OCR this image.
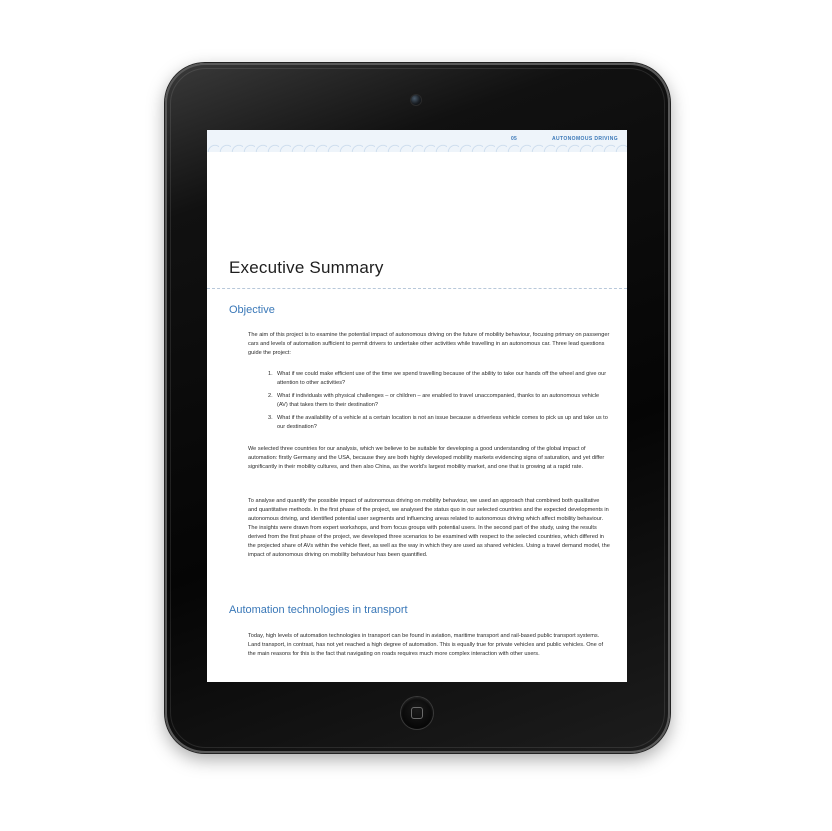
05	AUTONOMOUS DRIVING
Executive Summary
Objective

The aim of this project is to examine the potential impact of autonomous driving on the future of mobility behaviour, focusing primary on passenger cars and levels of automation sufficient to permit drivers to undertake other activities while travelling in an autonomous car. Three lead questions guide the project:

1. What if we could make efficient use of the time we spend travelling because of the ability to take our hands off the wheel and give our attention to other activities?
2. What if individuals with physical challenges – or children – are enabled to travel unaccompanied, thanks to an autonomous vehicle (AV) that takes them to their destination?
3. What if the availability of a vehicle at a certain location is not an issue because a driverless vehicle comes to pick us up and take us to our destination?

We selected three countries for our analysis, which we believe to be suitable for developing a good understanding of the global impact of automation: firstly Germany and the USA, because they are both highly developed mobility markets evidencing signs of saturation, and yet differ significantly in their mobility cultures, and then also China, as the world's largest mobility market, and one that is growing at a rapid rate.

To analyse and quantify the possible impact of autonomous driving on mobility behaviour, we used an approach that combined both qualitative and quantitative methods. In the first phase of the project, we analysed the status quo in our selected countries and the expected developments in autonomous driving, and identified potential user segments and influencing areas related to autonomous driving which affect mobility behaviour. The insights were drawn from expert workshops, and from focus groups with potential users. In the second part of the study, using the results derived from the first phase of the project, we developed three scenarios to be examined with respect to the selected countries, which differed in the projected share of AVs within the vehicle fleet, as well as the way in which they are used as shared vehicles. Using a travel demand model, the impact of autonomous driving on mobility behaviour has been quantified.

Automation technologies in transport

Today, high levels of automation technologies in transport can be found in aviation, maritime transport and rail-based public transport systems. Land transport, in contrast, has not yet reached a high degree of automation. This is equally true for private vehicles and public vehicles. One of the main reasons for this is the fact that navigating on roads requires much more complex interaction with other users.
